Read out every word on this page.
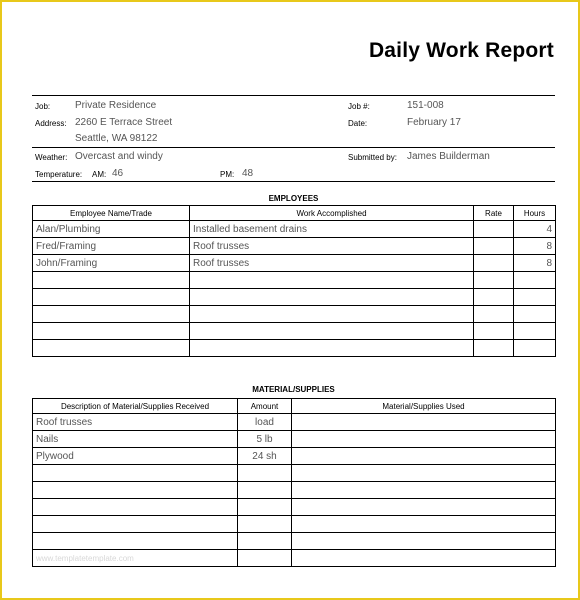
Daily Work Report
Job: Private Residence
Address: 2260 E Terrace Street
Seattle, WA 98122
Job #:	151-008
Date:	February 17
Weather: Overcast and windy	Submitted by: James Builderman
Temperature: AM: 46	PM: 48
EMPLOYEES
Employee Name/Trade	Work Accomplished	Rate	Hours
Alan/Plumbing	Installed basement drains		4
Fred/Framing	Roof trusses		8
John/Framing	Roof trusses		8

MATERIAL/SUPPLIES
Description of Material/Supplies Received	Amount	Material/Supplies Used
Roof trusses	load	
Nails	5 lb	
Plywood	24 sh	

www.templatetemplate.com		
